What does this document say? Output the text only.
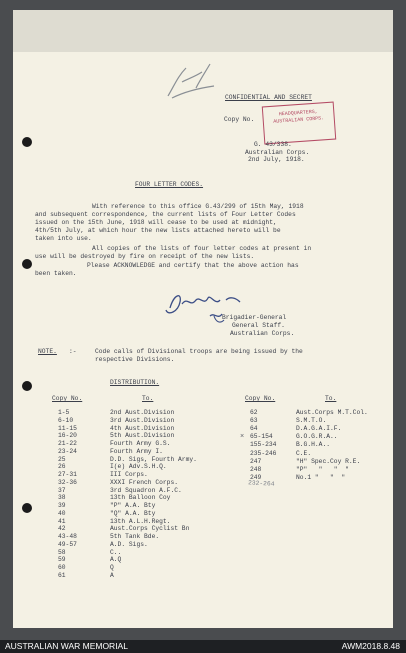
CONFIDENTIAL AND SECRET
Copy No.
HEADQUARTERS,
AUSTRALIAN CORPS.
G. 43/338.
Australian Corps.
2nd July, 1918.
FOUR LETTER CODES.
With reference to this office G.43/299 of 15th May, 1918
and subsequent correspondence, the current lists of Four Letter Codes
issued on the 15th June, 1918 will cease to be used at midnight,
4th/5th July, at which hour the new lists attached hereto will be
taken into use.
All copies of the lists of four letter codes at present in
use will be destroyed by fire on receipt of the new lists.
Please ACKNOWLEDGE and certify that the above action has
been taken.
Brigadier-General
General Staff.
Australian Corps.
NOTE. :-	Code calls of Divisional troops are being issued by the
respective Divisions.
DISTRIBUTION.
Copy No.	To.	Copy No.	To.
1-5	2nd Aust.Division
6-10	3rd Aust.Division
11-15	4th Aust.Division
16-20	5th Aust.Division
21-22	Fourth Army G.S.
23-24	Fourth Army I.
25	D.D. Sigs, Fourth Army.
26	I(e) Adv.S.H.Q.
27-31	III Corps.
32-36	XXXI French Corps.
37	3rd Squadron A.F.C.
38	13th Balloon Coy
39	"P" A.A. Bty
40	"Q" A.A. Bty
41	13th A.L.H.Regt.
42	Aust.Corps Cyclist Bn
43-48	5th Tank Bde.
49-57	A.D. Sigs.
58	C..
59	A.Q
60	Q
61	A
62	Aust.Corps M.T.Col.
63	S.M.T.O.
64	D.A.G.A.I.F.
65-154	G.O.G.R.A..
155-234	B.G.H.A..
235-246	C.E.
247	"H" Spec.Coy R.E.
248	"P"   "   "  "
249	No.1 "   "  "
232-264
×
AUSTRALIAN WAR MEMORIAL	AWM2018.8.48
